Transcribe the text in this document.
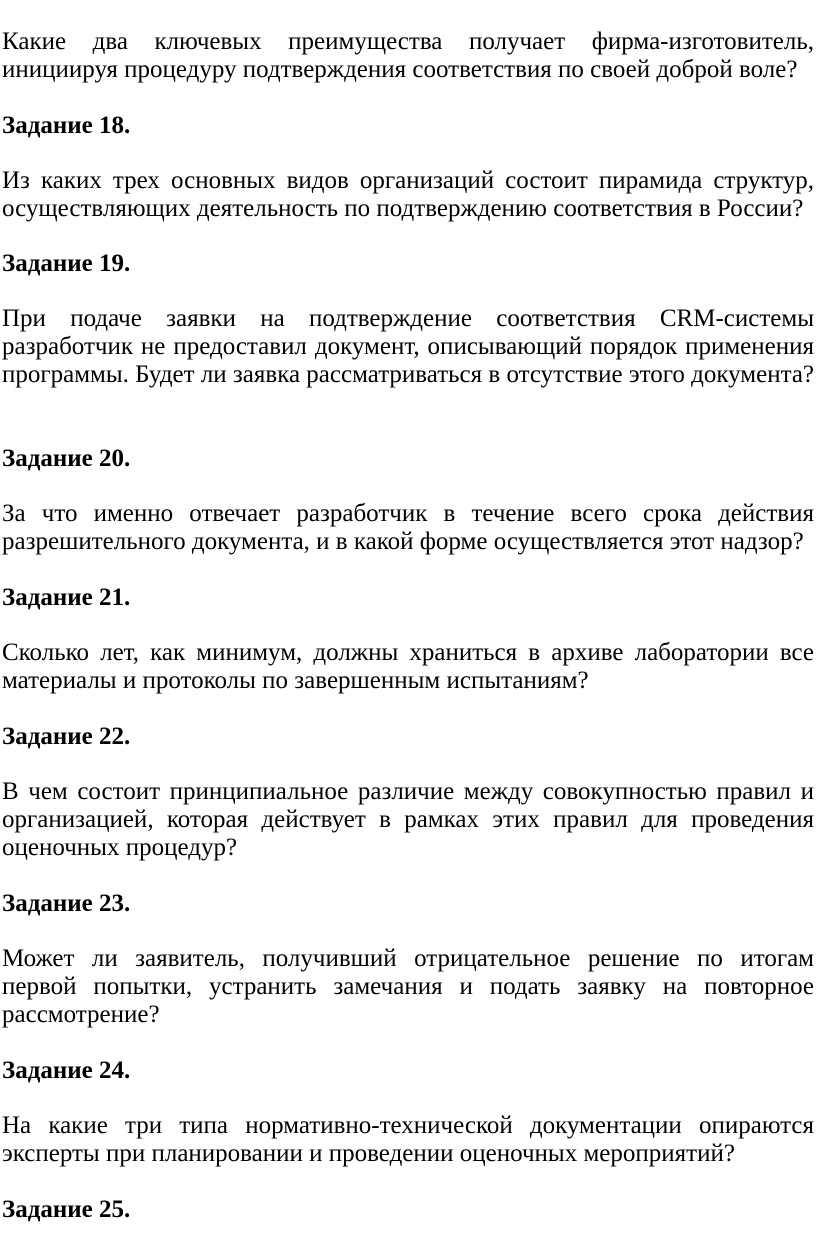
Какие два ключевых преимущества получает фирма-изготовитель, инициируя процедуру подтверждения соответствия по своей доброй воле?

Задание 18.

Из каких трех основных видов организаций состоит пирамида структур, осуществляющих деятельность по подтверждению соответствия в России?

Задание 19.

При подаче заявки на подтверждение соответствия CRM-системы разработчик не предоставил документ, описывающий порядок применения программы. Будет ли заявка рассматриваться в отсутствие этого документа?

Задание 20.

За что именно отвечает разработчик в течение всего срока действия разрешительного документа, и в какой форме осуществляется этот надзор?

Задание 21.

Сколько лет, как минимум, должны храниться в архиве лаборатории все материалы и протоколы по завершенным испытаниям?

Задание 22.

В чем состоит принципиальное различие между совокупностью правил и организацией, которая действует в рамках этих правил для проведения оценочных процедур?

Задание 23.

Может ли заявитель, получивший отрицательное решение по итогам первой попытки, устранить замечания и подать заявку на повторное рассмотрение?

Задание 24.

На какие три типа нормативно-технической документации опираются эксперты при планировании и проведении оценочных мероприятий?

Задание 25.
